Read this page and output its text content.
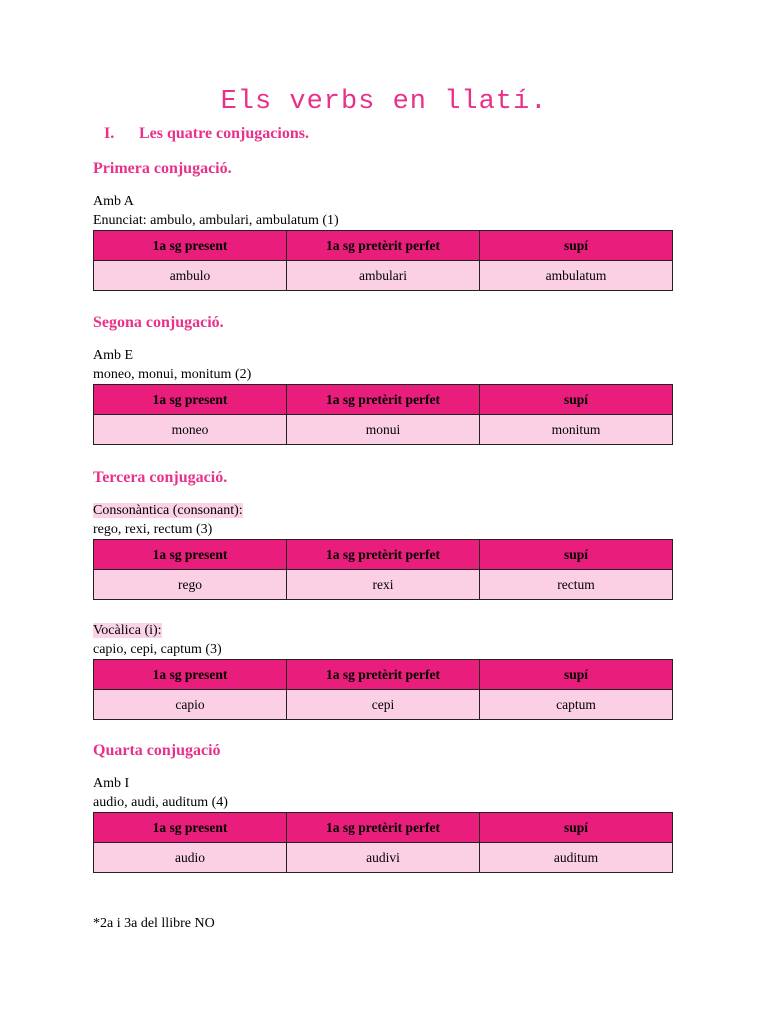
Els verbs en llatí.
I. Les quatre conjugacions.
Primera conjugació.
Amb A
Enunciat: ambulo, ambulari, ambulatum (1)
1a sg present	1a sg pretèrit perfet	supí
ambulo	ambulari	ambulatum
Segona conjugació.
Amb E
moneo, monui, monitum (2)
1a sg present	1a sg pretèrit perfet	supí
moneo	monui	monitum
Tercera conjugació.
Consonàntica (consonant):
rego, rexi, rectum (3)
1a sg present	1a sg pretèrit perfet	supí
rego	rexi	rectum
Vocàlica (i):
capio, cepi, captum (3)
1a sg present	1a sg pretèrit perfet	supí
capio	cepi	captum
Quarta conjugació
Amb I
audio, audi, auditum (4)
1a sg present	1a sg pretèrit perfet	supí
audio	audivi	auditum
*2a i 3a del llibre NO
